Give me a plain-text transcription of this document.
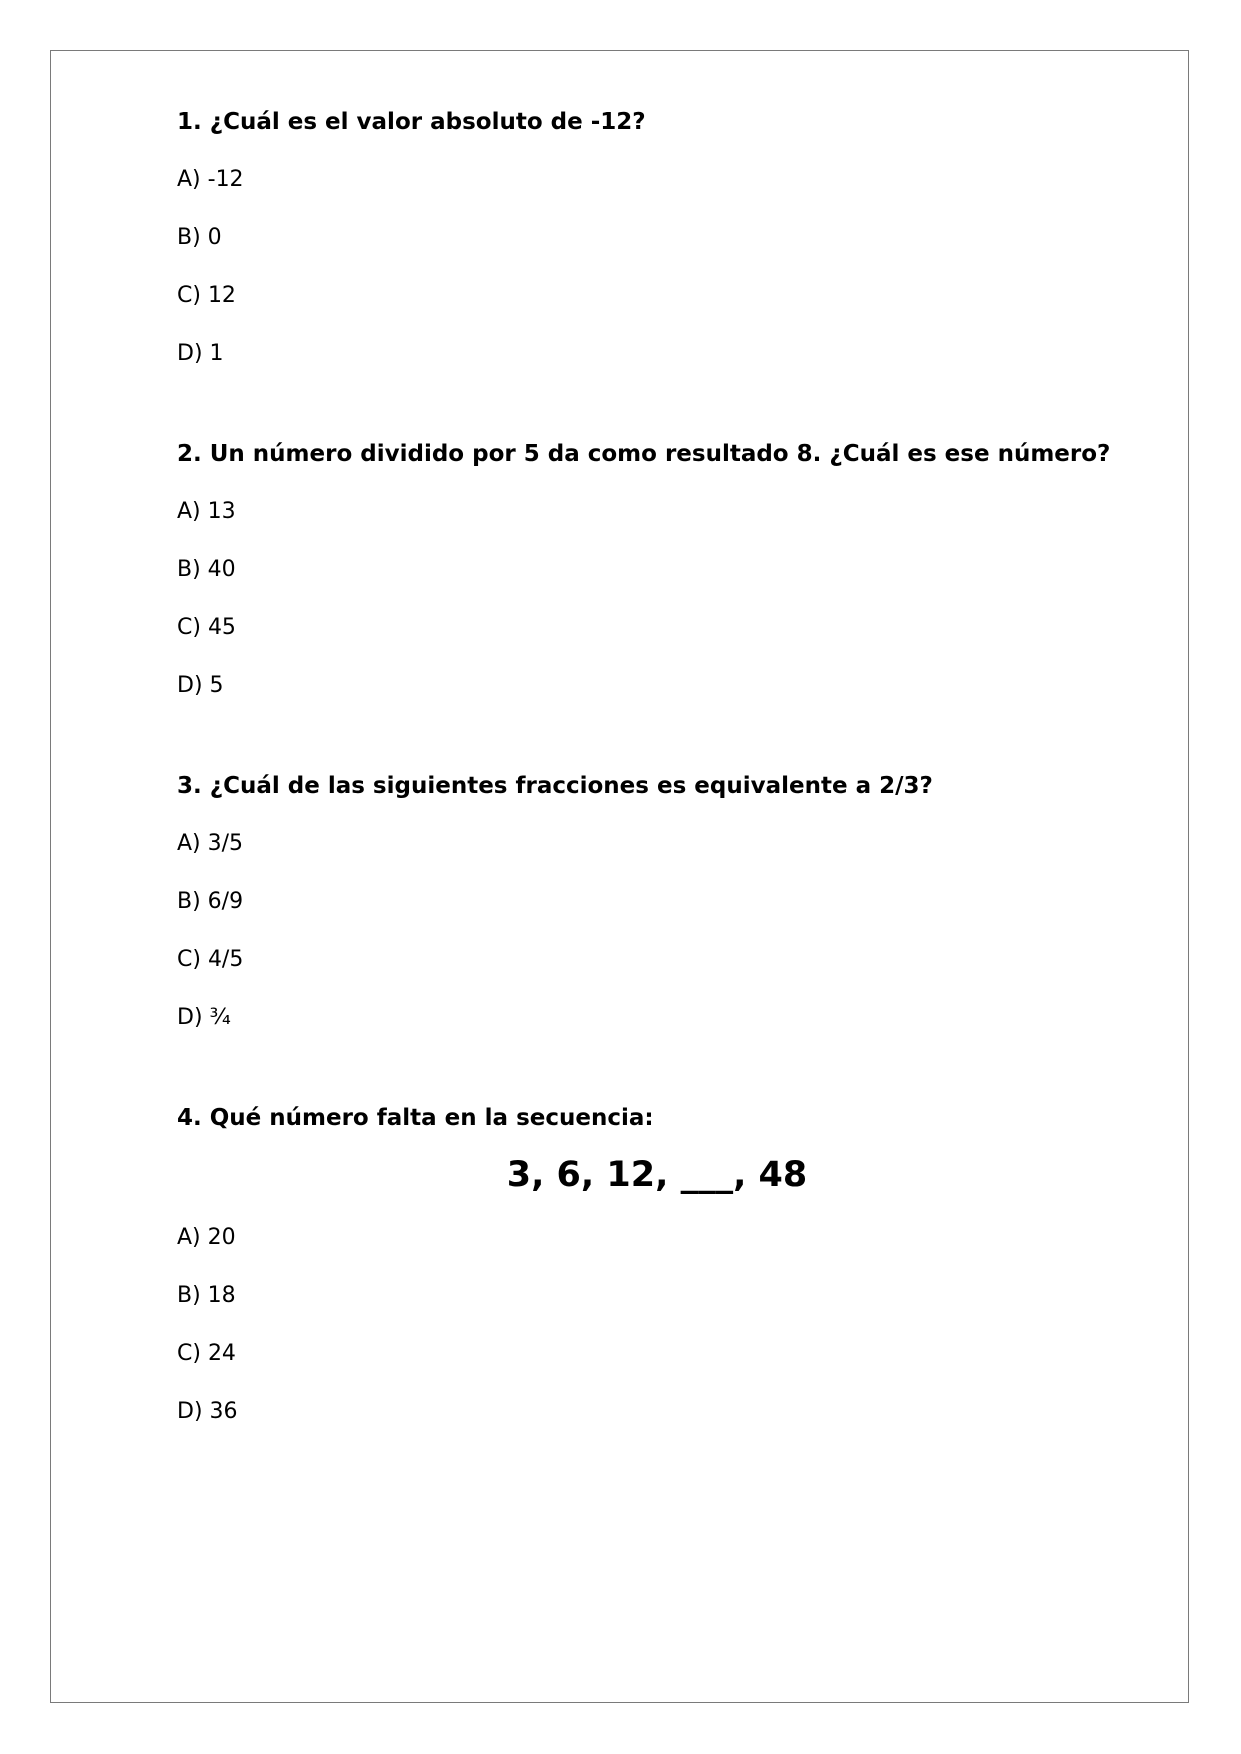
1. ¿Cuál es el valor absoluto de -12?
A) -12
B) 0
C) 12
D) 1
2. Un número dividido por 5 da como resultado 8. ¿Cuál es ese número?
A) 13
B) 40
C) 45
D) 5
3. ¿Cuál de las siguientes fracciones es equivalente a 2/3?
A) 3/5
B) 6/9
C) 4/5
D) ¾
4. Qué número falta en la secuencia:
3, 6, 12, ___, 48
A) 20
B) 18
C) 24
D) 36
